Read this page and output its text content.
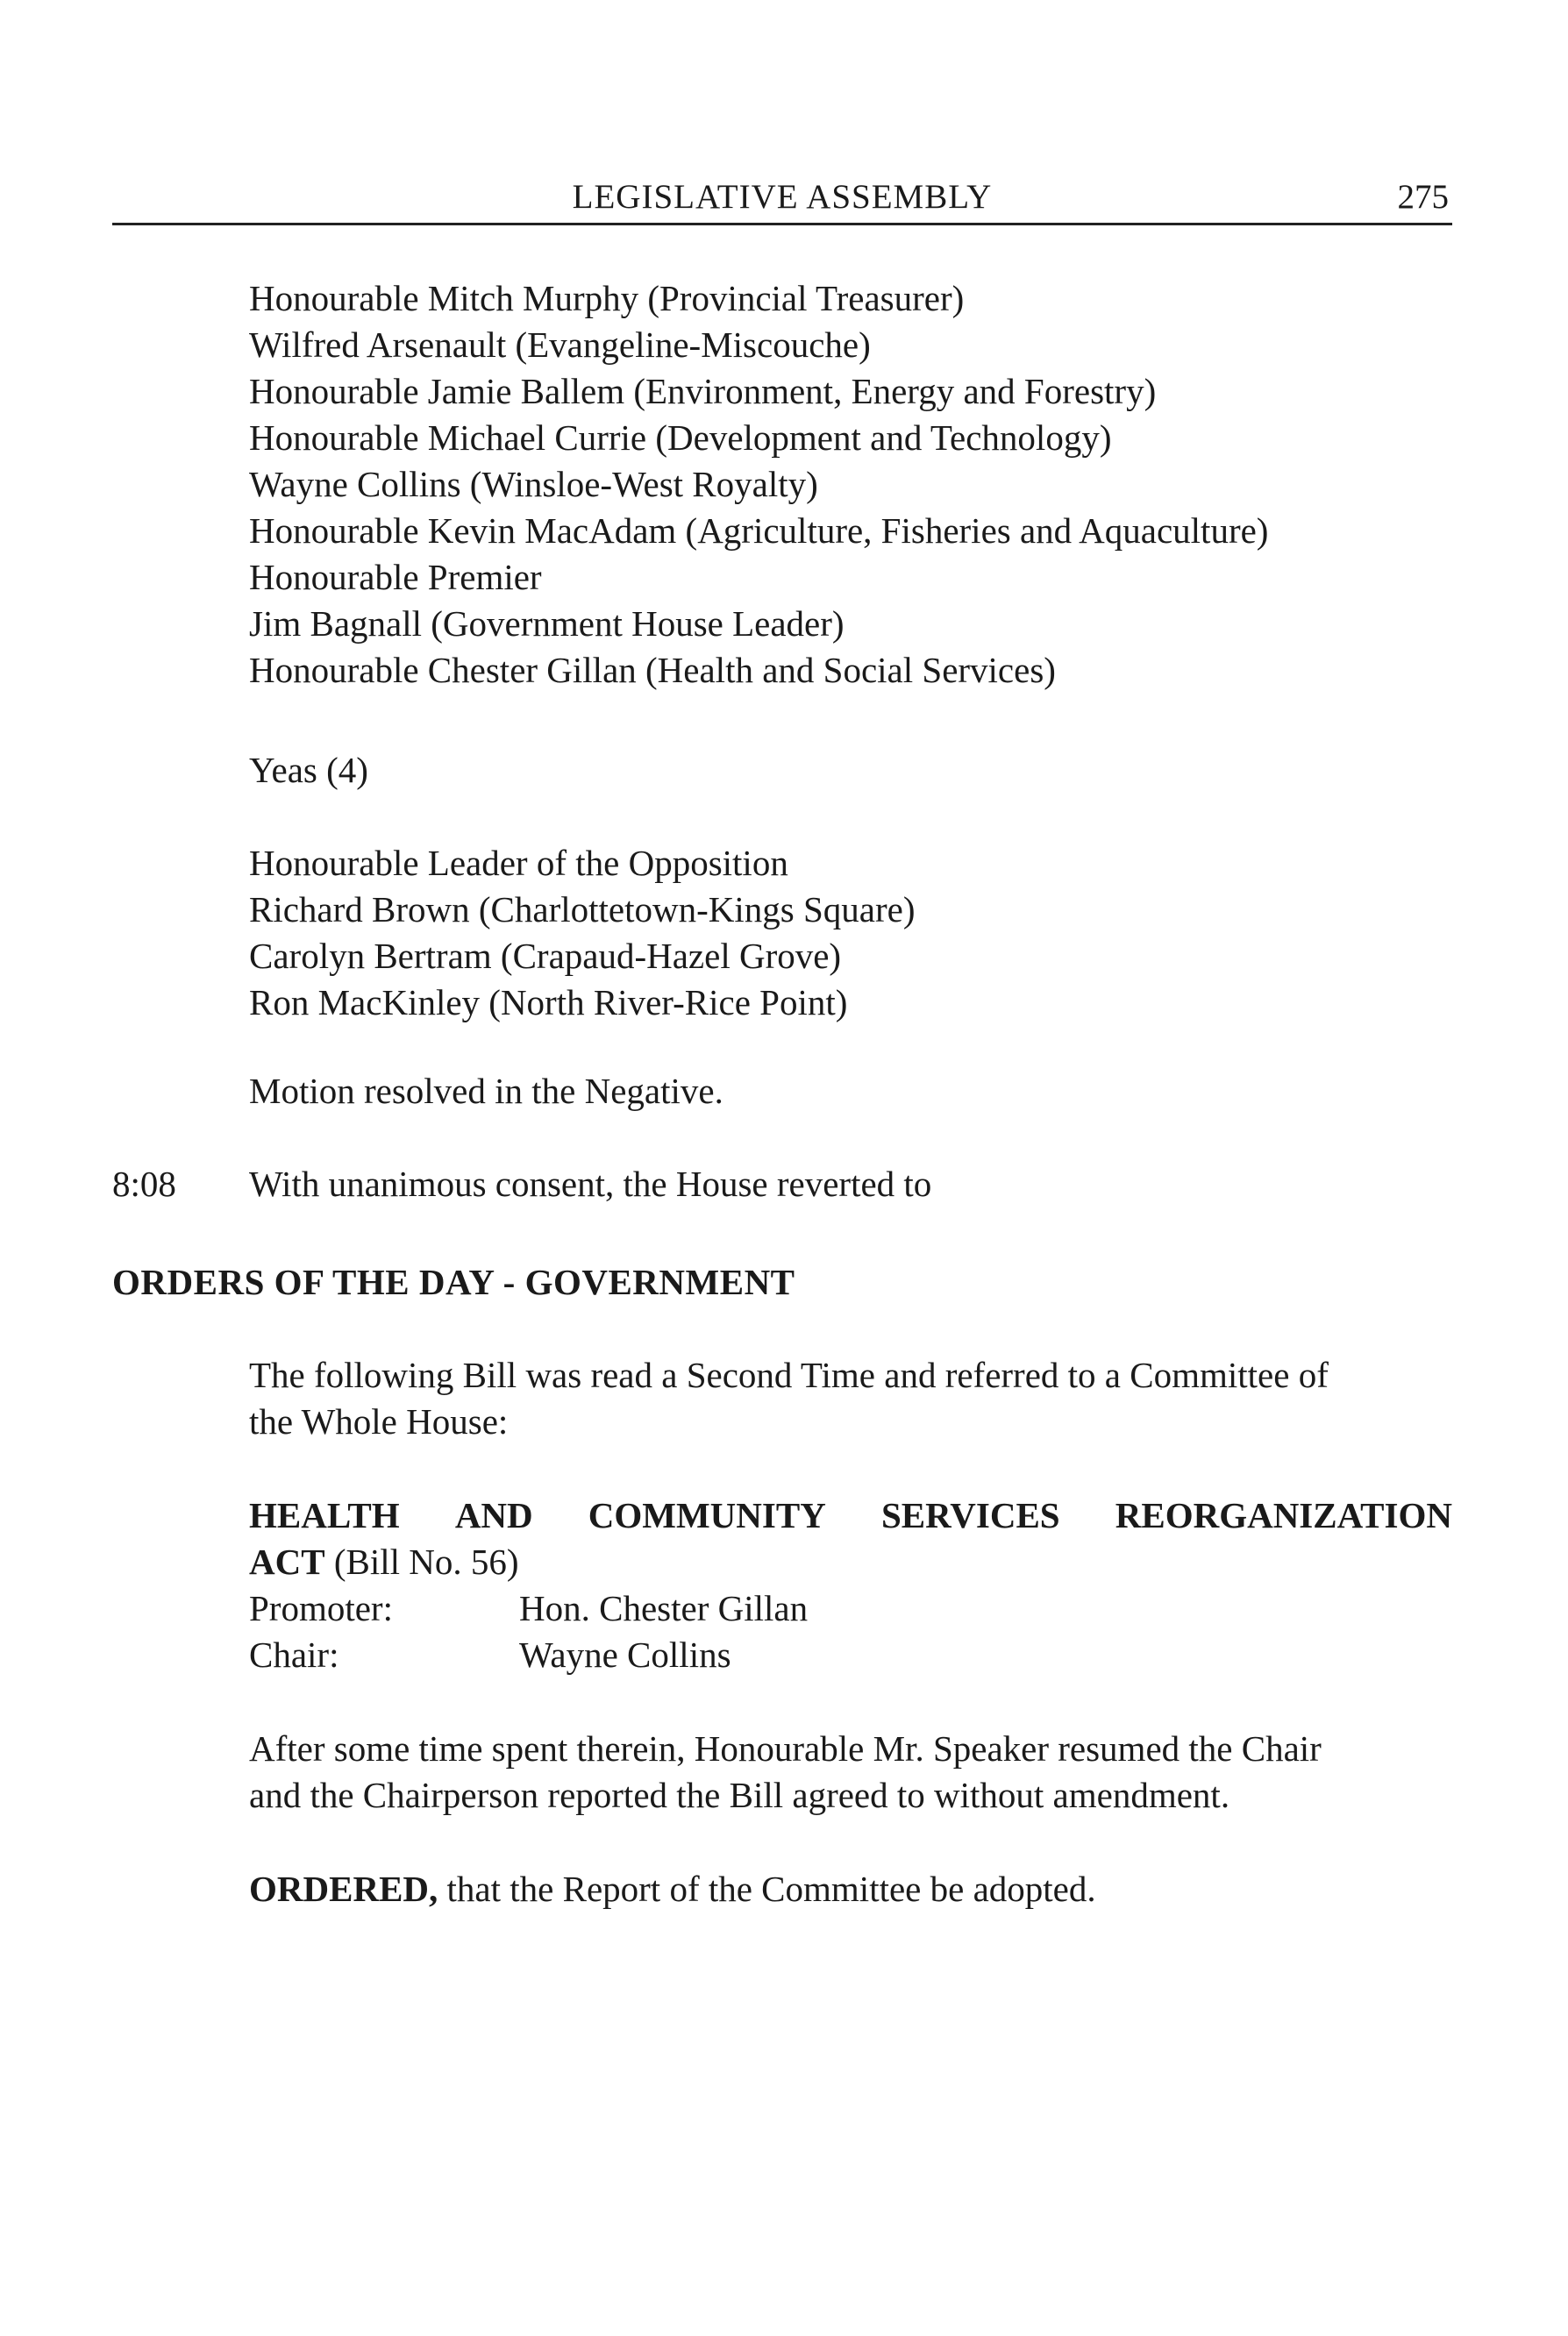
LEGISLATIVE ASSEMBLY	275
Honourable Mitch Murphy (Provincial Treasurer)
Wilfred Arsenault (Evangeline-Miscouche)
Honourable Jamie Ballem (Environment, Energy and Forestry)
Honourable Michael Currie (Development and Technology)
Wayne Collins (Winsloe-West Royalty)
Honourable Kevin MacAdam (Agriculture, Fisheries and Aquaculture)
Honourable Premier
Jim Bagnall (Government House Leader)
Honourable Chester Gillan (Health and Social Services)
Yeas (4)
Honourable Leader of the Opposition
Richard Brown (Charlottetown-Kings Square)
Carolyn Bertram (Crapaud-Hazel Grove)
Ron MacKinley (North River-Rice Point)
Motion resolved in the Negative.
8:08 With unanimous consent, the House reverted to
ORDERS OF THE DAY - GOVERNMENT
The following Bill was read a Second Time and referred to a Committee of
the Whole House:
HEALTH AND COMMUNITY SERVICES REORGANIZATION
ACT (Bill No. 56)
Promoter:	Hon. Chester Gillan
Chair:	Wayne Collins
After some time spent therein, Honourable Mr. Speaker resumed the Chair
and the Chairperson reported the Bill agreed to without amendment.
ORDERED, that the Report of the Committee be adopted.
